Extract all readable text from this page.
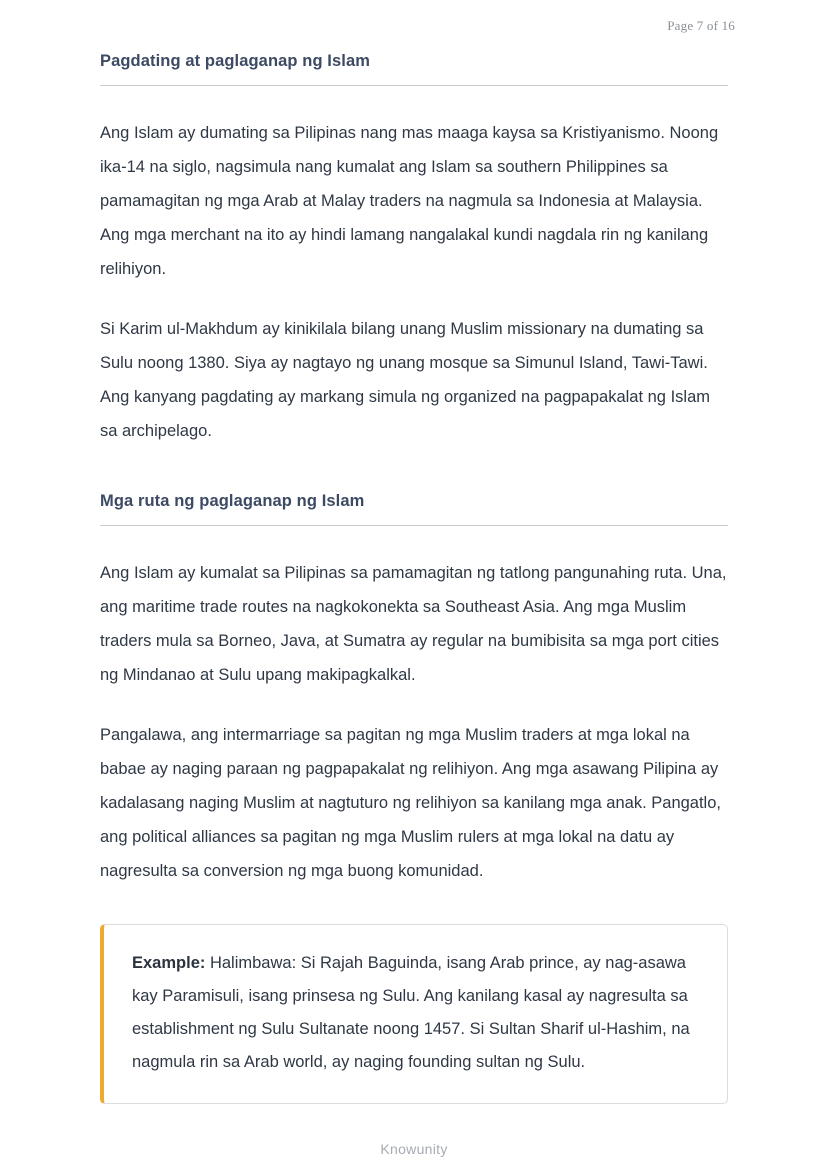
Page 7 of 16
Pagdating at paglaganap ng Islam

Ang Islam ay dumating sa Pilipinas nang mas maaga kaysa sa Kristiyanismo. Noong ika-14 na siglo, nagsimula nang kumalat ang Islam sa southern Philippines sa pamamagitan ng mga Arab at Malay traders na nagmula sa Indonesia at Malaysia. Ang mga merchant na ito ay hindi lamang nangalakal kundi nagdala rin ng kanilang relihiyon.

Si Karim ul-Makhdum ay kinikilala bilang unang Muslim missionary na dumating sa Sulu noong 1380. Siya ay nagtayo ng unang mosque sa Simunul Island, Tawi-Tawi. Ang kanyang pagdating ay markang simula ng organized na pagpapakalat ng Islam sa archipelago.

Mga ruta ng paglaganap ng Islam

Ang Islam ay kumalat sa Pilipinas sa pamamagitan ng tatlong pangunahing ruta. Una, ang maritime trade routes na nagkokonekta sa Southeast Asia. Ang mga Muslim traders mula sa Borneo, Java, at Sumatra ay regular na bumibisita sa mga port cities ng Mindanao at Sulu upang makipagkalkal.

Pangalawa, ang intermarriage sa pagitan ng mga Muslim traders at mga lokal na babae ay naging paraan ng pagpapakalat ng relihiyon. Ang mga asawang Pilipina ay kadalasang naging Muslim at nagtuturo ng relihiyon sa kanilang mga anak. Pangatlo, ang political alliances sa pagitan ng mga Muslim rulers at mga lokal na datu ay nagresulta sa conversion ng mga buong komunidad.

Example: Halimbawa: Si Rajah Baguinda, isang Arab prince, ay nag-asawa kay Paramisuli, isang prinsesa ng Sulu. Ang kanilang kasal ay nagresulta sa establishment ng Sulu Sultanate noong 1457. Si Sultan Sharif ul-Hashim, na nagmula rin sa Arab world, ay naging founding sultan ng Sulu.

Knowunity
